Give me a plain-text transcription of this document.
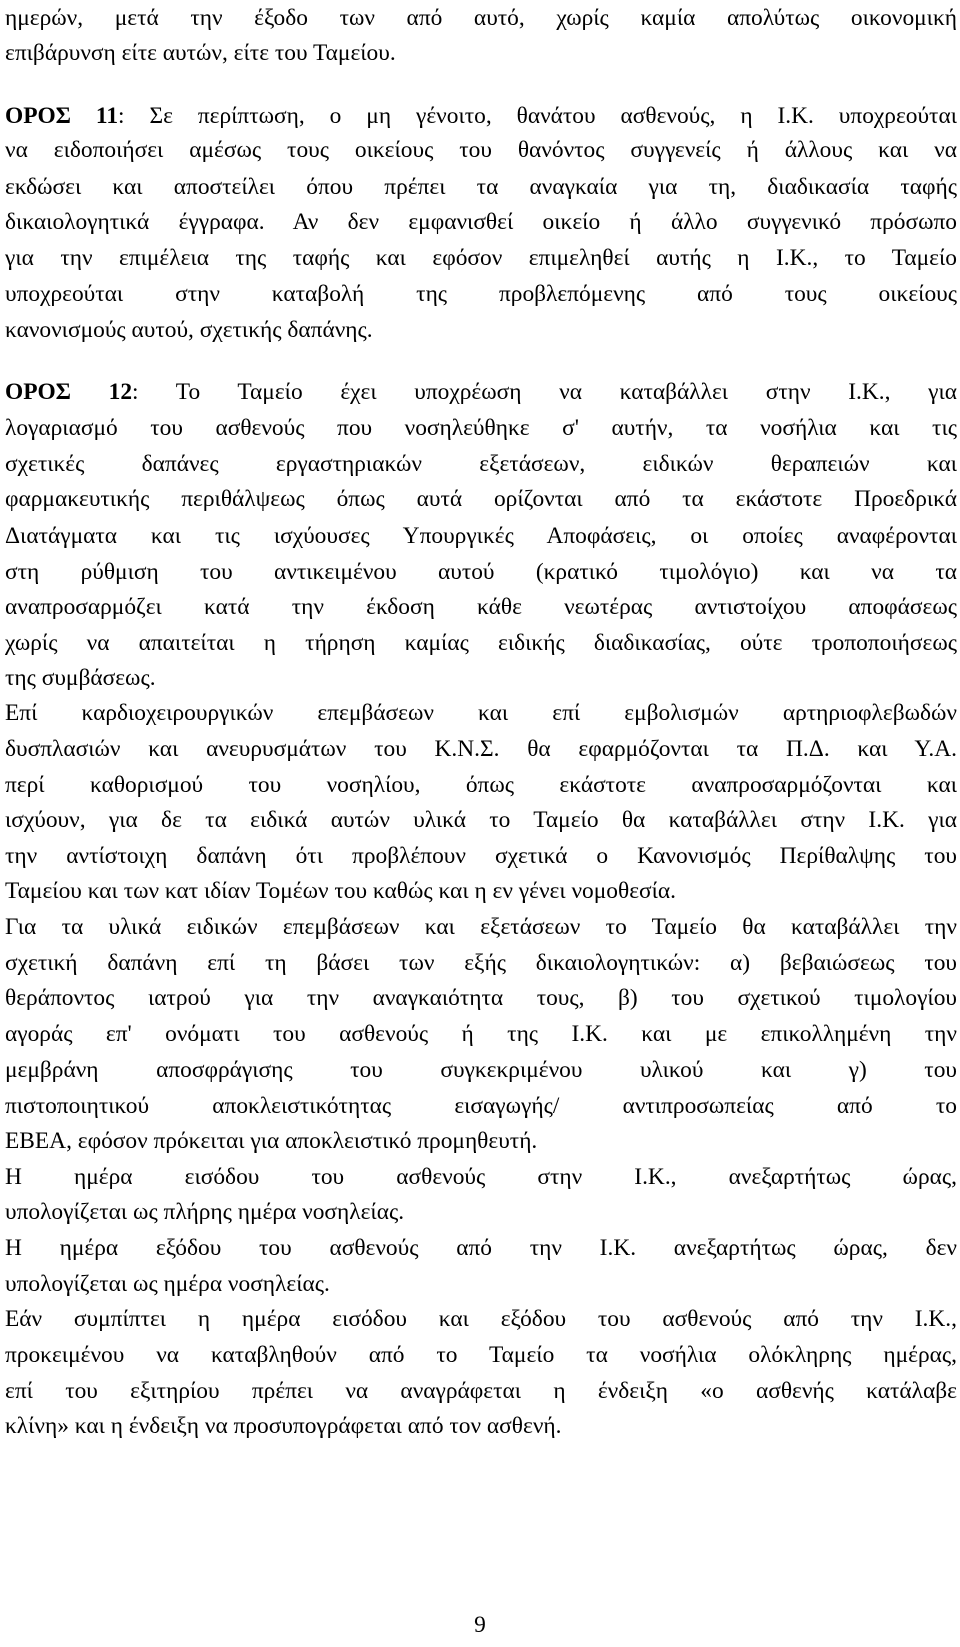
ημερών, μετά την έξοδο των από αυτό, χωρίς καμία απολύτως οικονομική
επιβάρυνση είτε αυτών, είτε του Ταμείου.
ΟΡΟΣ 11: Σε περίπτωση, ο μη γένοιτο, θανάτου ασθενούς, η Ι.Κ. υποχρεούται
να ειδοποιήσει αμέσως τους οικείους του θανόντος συγγενείς ή άλλους και να
εκδώσει και αποστείλει όπου πρέπει τα αναγκαία για τη, διαδικασία ταφής
δικαιολογητικά έγγραφα. Αν δεν εμφανισθεί οικείο ή άλλο συγγενικό πρόσωπο
για την επιμέλεια της ταφής και εφόσον επιμεληθεί αυτής η Ι.Κ., το Ταμείο
υποχρεούται στην καταβολή της προβλεπόμενης από τους οικείους
κανονισμούς αυτού, σχετικής δαπάνης.
ΟΡΟΣ 12: Το Ταμείο έχει υποχρέωση να καταβάλλει στην Ι.Κ., για
λογαριασμό του ασθενούς που νοσηλεύθηκε σ' αυτήν, τα νοσήλια και τις
σχετικές δαπάνες εργαστηριακών εξετάσεων, ειδικών θεραπειών και
φαρμακευτικής περιθάλψεως όπως αυτά ορίζονται από τα εκάστοτε Προεδρικά
Διατάγματα και τις ισχύουσες Υπουργικές Αποφάσεις, οι οποίες αναφέρονται
στη ρύθμιση του αντικειμένου αυτού (κρατικό τιμολόγιο) και να τα
αναπροσαρμόζει κατά την έκδοση κάθε νεωτέρας αντιστοίχου αποφάσεως
χωρίς να απαιτείται η τήρηση καμίας ειδικής διαδικασίας, ούτε τροποποιήσεως
της συμβάσεως.
Επί καρδιοχειρουργικών επεμβάσεων και επί εμβολισμών αρτηριοφλεβωδών
δυσπλασιών και ανευρυσμάτων του Κ.Ν.Σ. θα εφαρμόζονται τα Π.Δ. και Υ.Α.
περί καθορισμού του νοσηλίου, όπως εκάστοτε αναπροσαρμόζονται και
ισχύουν, για δε τα ειδικά αυτών υλικά το Ταμείο θα καταβάλλει στην Ι.Κ. για
την αντίστοιχη δαπάνη ότι προβλέπουν σχετικά ο Κανονισμός Περίθαλψης του
Ταμείου και των κατ ιδίαν Τομέων του καθώς και η εν γένει νομοθεσία.
Για τα υλικά ειδικών επεμβάσεων και εξετάσεων το Ταμείο θα καταβάλλει την
σχετική δαπάνη επί τη βάσει των εξής δικαιολογητικών: α) βεβαιώσεως του
θεράποντος ιατρού για την αναγκαιότητα τους, β) του σχετικού τιμολογίου
αγοράς επ' ονόματι του ασθενούς ή της Ι.Κ. και με επικολλημένη την
μεμβράνη αποσφράγισης του συγκεκριμένου υλικού και γ) του
πιστοποιητικού αποκλειστικότητας εισαγωγής/ αντιπροσωπείας από το
ΕΒΕΑ, εφόσον πρόκειται για αποκλειστικό προμηθευτή.
Η ημέρα εισόδου του ασθενούς στην Ι.Κ., ανεξαρτήτως ώρας,
υπολογίζεται ως πλήρης ημέρα νοσηλείας.
Η ημέρα εξόδου του ασθενούς από την Ι.Κ. ανεξαρτήτως ώρας, δεν
υπολογίζεται ως ημέρα νοσηλείας.
Εάν συμπίπτει η ημέρα εισόδου και εξόδου του ασθενούς από την Ι.Κ.,
προκειμένου να καταβληθούν από το Ταμείο τα νοσήλια ολόκληρης ημέρας,
επί του εξιτηρίου πρέπει να αναγράφεται η ένδειξη «ο ασθενής κατάλαβε
κλίνη» και η ένδειξη να προσυπογράφεται από τον ασθενή.
9
